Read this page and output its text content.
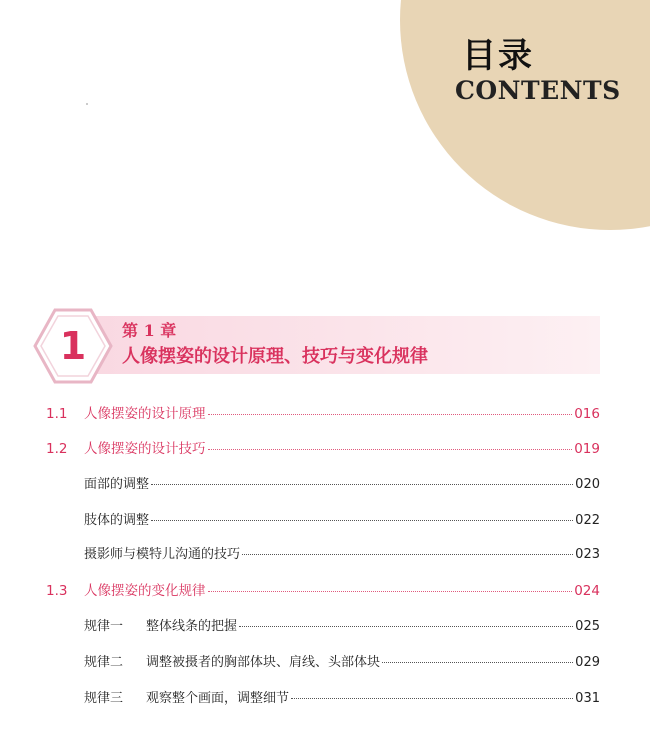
目录
CONTENTS
1 第 1 章
人像摆姿的设计原理、技巧与变化规律
1.1	人像摆姿的设计原理	016
1.2	人像摆姿的设计技巧	019
面部的调整	020
肢体的调整	022
摄影师与模特儿沟通的技巧	023
1.3	人像摆姿的变化规律	024
规律一	整体线条的把握	025
规律二	调整被摄者的胸部体块、肩线、头部体块	029
规律三	观察整个画面，调整细节	031
